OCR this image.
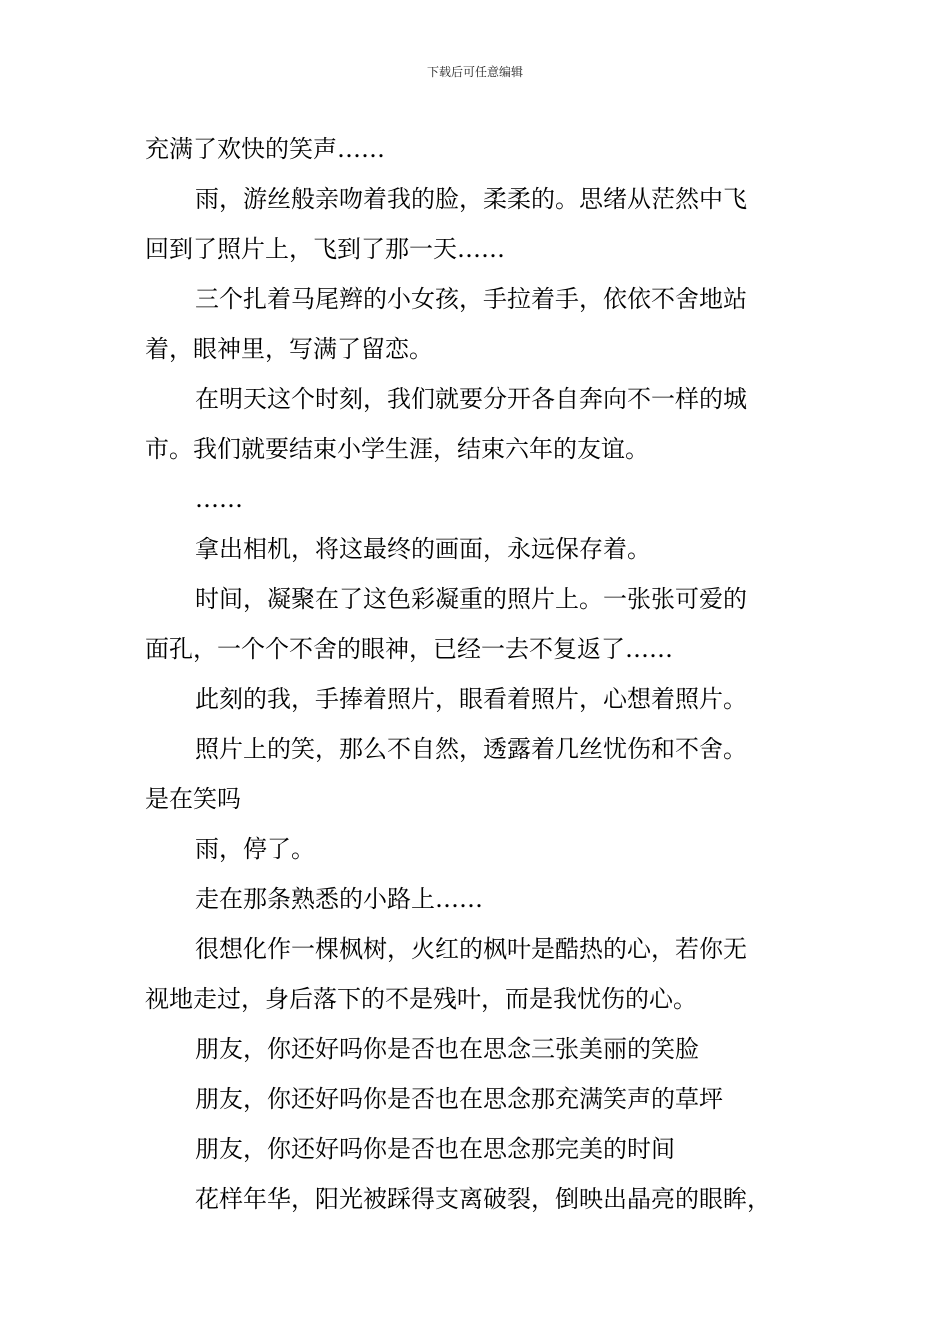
下载后可任意编辑
充满了欢快的笑声……
雨，游丝般亲吻着我的脸，柔柔的。思绪从茫然中飞
回到了照片上，飞到了那一天……
三个扎着马尾辫的小女孩，手拉着手，依依不舍地站
着，眼神里，写满了留恋。
在明天这个时刻，我们就要分开各自奔向不一样的城
市。我们就要结束小学生涯，结束六年的友谊。
……
拿出相机，将这最终的画面，永远保存着。
时间，凝聚在了这色彩凝重的照片上。一张张可爱的
面孔，一个个不舍的眼神，已经一去不复返了……
此刻的我，手捧着照片，眼看着照片，心想着照片。
照片上的笑，那么不自然，透露着几丝忧伤和不舍。
是在笑吗
雨，停了。
走在那条熟悉的小路上……
很想化作一棵枫树，火红的枫叶是酷热的心，若你无
视地走过，身后落下的不是残叶，而是我忧伤的心。
朋友，你还好吗你是否也在思念三张美丽的笑脸
朋友，你还好吗你是否也在思念那充满笑声的草坪
朋友，你还好吗你是否也在思念那完美的时间
花样年华，阳光被踩得支离破裂，倒映出晶亮的眼眸，
